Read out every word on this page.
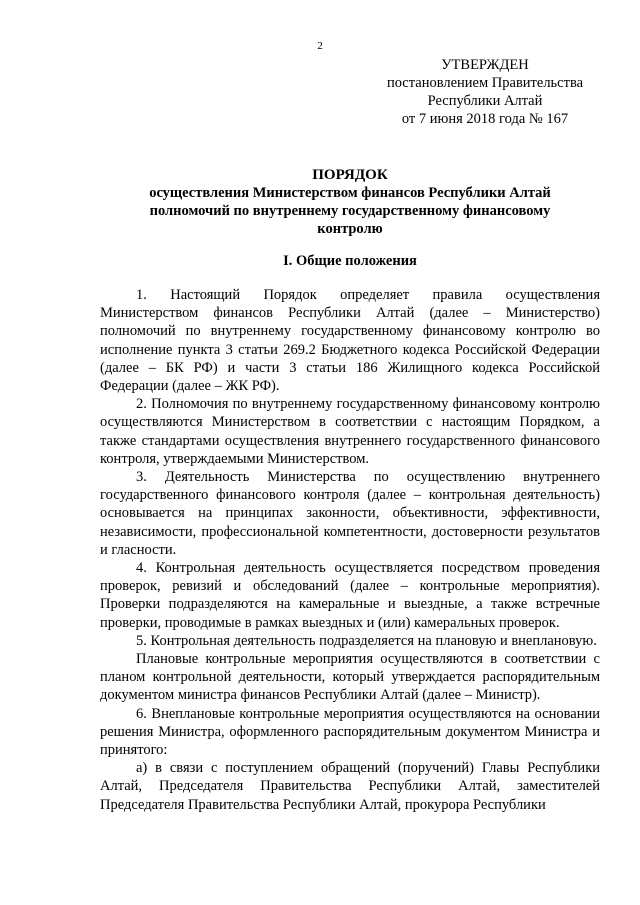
2
УТВЕРЖДЕН
постановлением Правительства
Республики Алтай
от 7 июня 2018 года № 167
ПОРЯДОК
осуществления Министерством финансов Республики Алтай
полномочий по внутреннему государственному финансовому
контролю
I. Общие положения

1. Настоящий Порядок определяет правила осуществления Министерством финансов Республики Алтай (далее – Министерство) полномочий по внутреннему государственному финансовому контролю во исполнение пункта 3 статьи 269.2 Бюджетного кодекса Российской Федерации (далее – БК РФ) и части 3 статьи 186 Жилищного кодекса Российской Федерации (далее – ЖК РФ).

2. Полномочия по внутреннему государственному финансовому контролю осуществляются Министерством в соответствии с настоящим Порядком, а также стандартами осуществления внутреннего государственного финансового контроля, утверждаемыми Министерством.

3. Деятельность Министерства по осуществлению внутреннего государственного финансового контроля (далее – контрольная деятельность) основывается на принципах законности, объективности, эффективности, независимости, профессиональной компетентности, достоверности результатов и гласности.

4. Контрольная деятельность осуществляется посредством проведения проверок, ревизий и обследований (далее – контрольные мероприятия). Проверки подразделяются на камеральные и выездные, а также встречные проверки, проводимые в рамках выездных и (или) камеральных проверок.

5. Контрольная деятельность подразделяется на плановую и внеплановую.

Плановые контрольные мероприятия осуществляются в соответствии с планом контрольной деятельности, который утверждается распорядительным документом министра финансов Республики Алтай (далее – Министр).

6. Внеплановые контрольные мероприятия осуществляются на основании решения Министра, оформленного распорядительным документом Министра и принятого:

а) в связи с поступлением обращений (поручений) Главы Республики Алтай, Председателя Правительства Республики Алтай, заместителей Председателя Правительства Республики Алтай, прокурора Республики
